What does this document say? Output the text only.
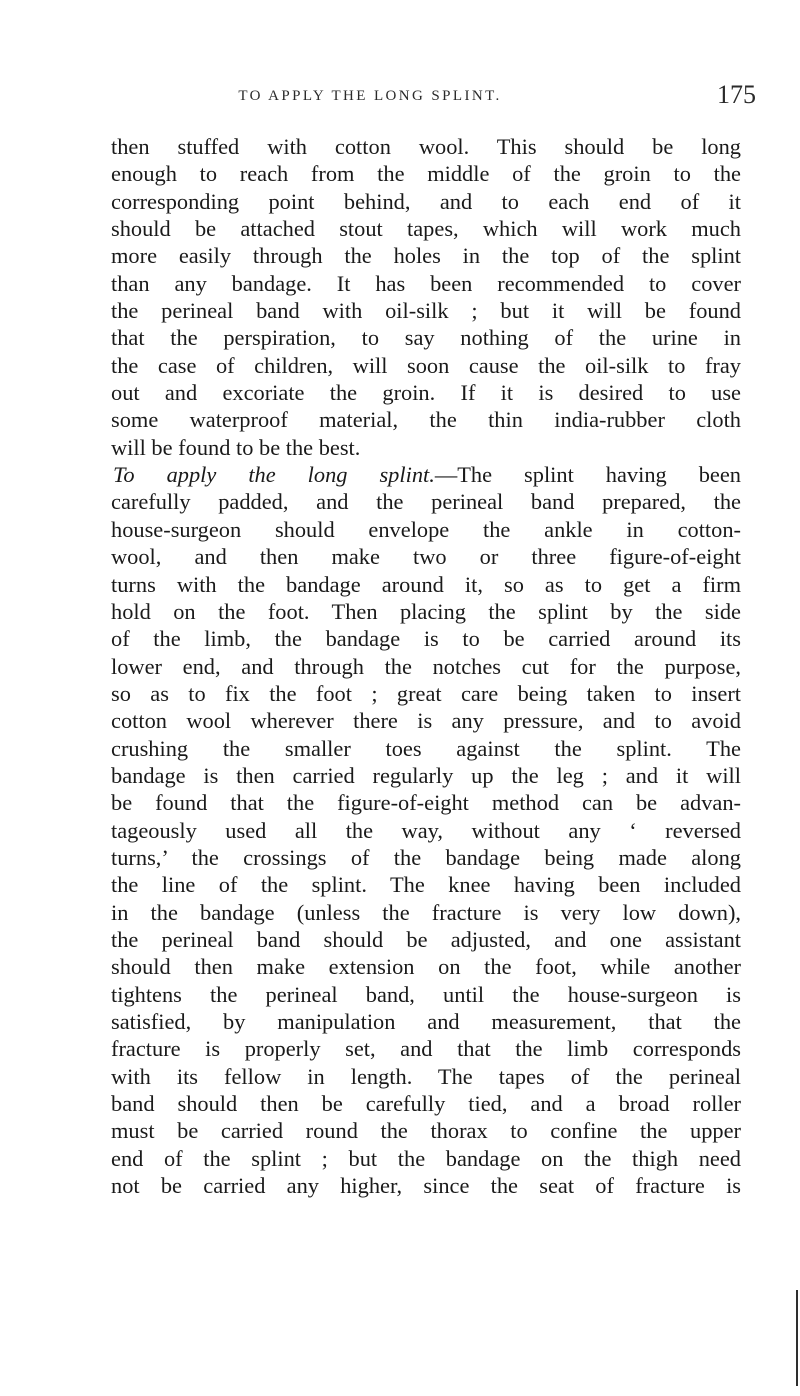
TO APPLY THE LONG SPLINT.	175
then stuffed with cotton wool. This should be long
enough to reach from the middle of the groin to the
corresponding point behind, and to each end of it
should be attached stout tapes, which will work much
more easily through the holes in the top of the splint
than any bandage. It has been recommended to cover
the perineal band with oil-silk ; but it will be found
that the perspiration, to say nothing of the urine in
the case of children, will soon cause the oil-silk to fray
out and excoriate the groin. If it is desired to use
some waterproof material, the thin india-rubber cloth
will be found to be the best.
To apply the long splint.—The splint having been
carefully padded, and the perineal band prepared, the
house-surgeon should envelope the ankle in cotton-
wool, and then make two or three figure-of-eight
turns with the bandage around it, so as to get a firm
hold on the foot. Then placing the splint by the side
of the limb, the bandage is to be carried around its
lower end, and through the notches cut for the purpose,
so as to fix the foot ; great care being taken to insert
cotton wool wherever there is any pressure, and to avoid
crushing the smaller toes against the splint. The
bandage is then carried regularly up the leg ; and it will
be found that the figure-of-eight method can be advan-
tageously used all the way, without any ‘ reversed
turns,’ the crossings of the bandage being made along
the line of the splint. The knee having been included
in the bandage (unless the fracture is very low down),
the perineal band should be adjusted, and one assistant
should then make extension on the foot, while another
tightens the perineal band, until the house-surgeon is
satisfied, by manipulation and measurement, that the
fracture is properly set, and that the limb corresponds
with its fellow in length. The tapes of the perineal
band should then be carefully tied, and a broad roller
must be carried round the thorax to confine the upper
end of the splint ; but the bandage on the thigh need
not be carried any higher, since the seat of fracture is
